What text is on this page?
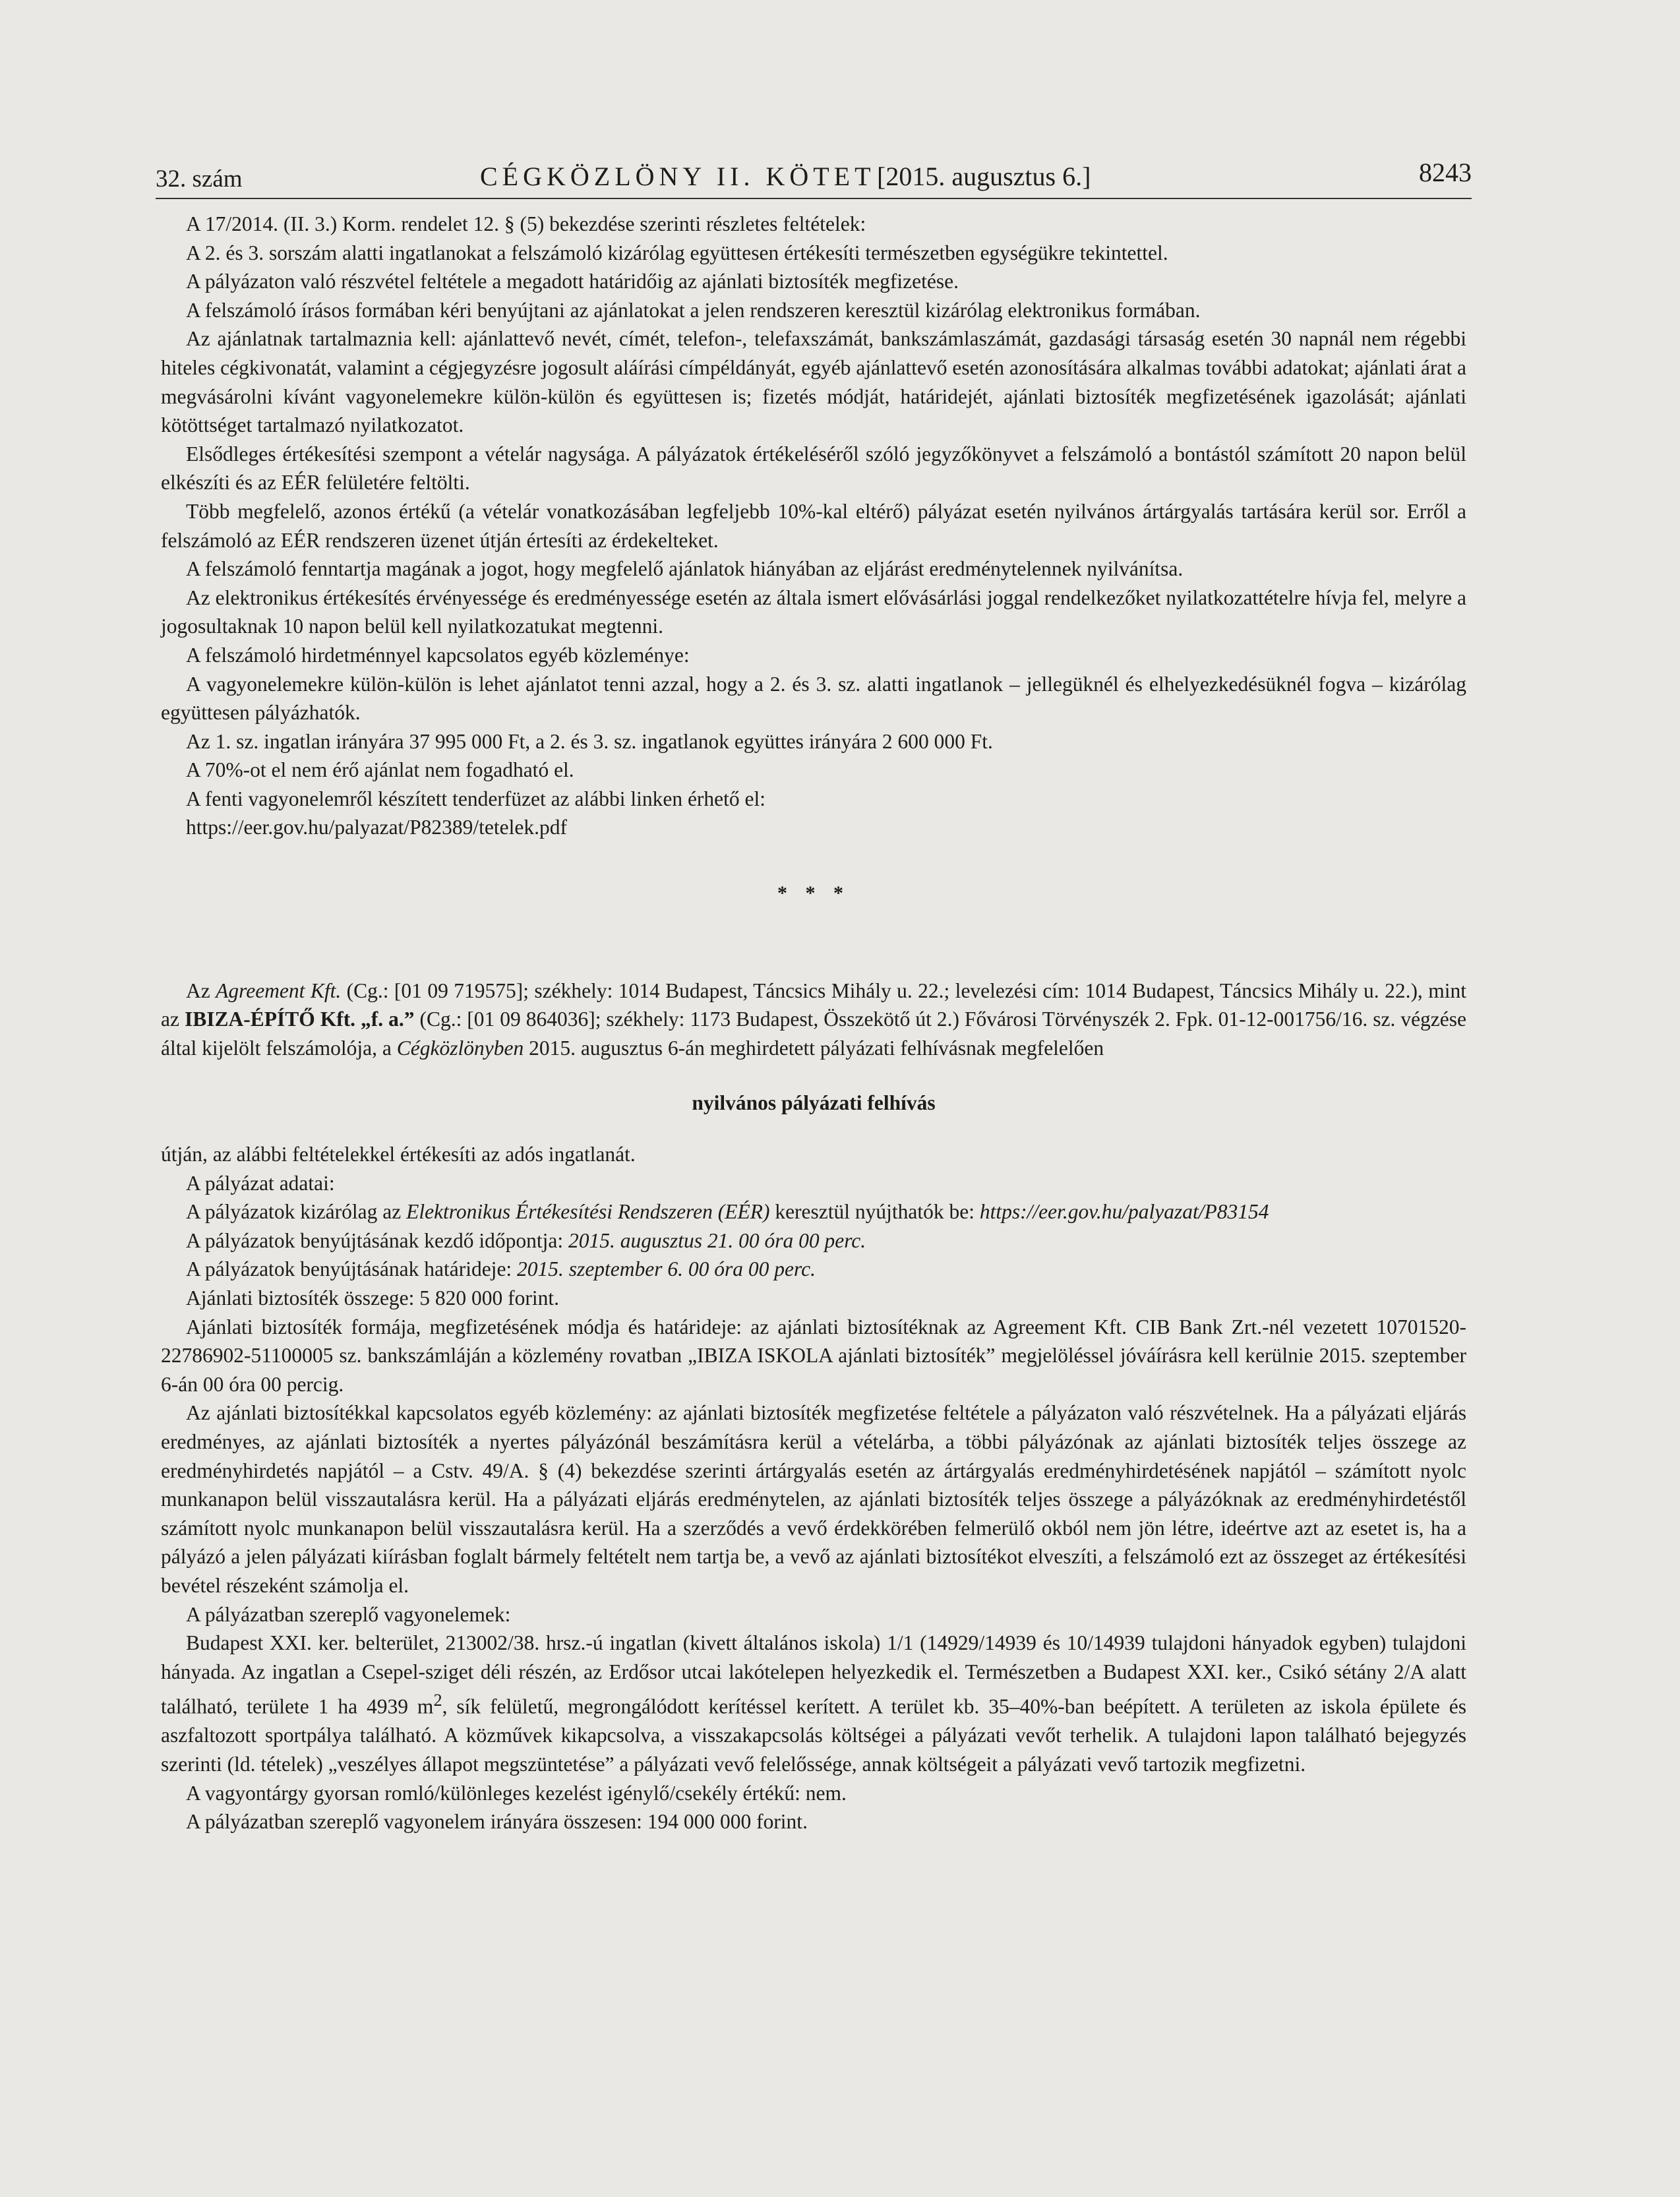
32. szám	CÉGKÖZLÖNY II. KÖTET [2015. augusztus 6.]	8243

A 17/2014. (II. 3.) Korm. rendelet 12. § (5) bekezdése szerinti részletes feltételek:

A 2. és 3. sorszám alatti ingatlanokat a felszámoló kizárólag együttesen értékesíti természetben egységükre tekintettel.

A pályázaton való részvétel feltétele a megadott határidőig az ajánlati biztosíték megfizetése.

A felszámoló írásos formában kéri benyújtani az ajánlatokat a jelen rendszeren keresztül kizárólag elektronikus formában.

Az ajánlatnak tartalmaznia kell: ajánlattevő nevét, címét, telefon-, telefaxszámát, bankszámlaszámát, gazdasági társaság esetén 30 napnál nem régebbi hiteles cégkivonatát, valamint a cégjegyzésre jogosult aláírási címpéldányát, egyéb ajánlattevő esetén azonosítására alkalmas további adatokat; ajánlati árat a megvásárolni kívánt vagyonelemekre külön-külön és együttesen is; fizetés módját, határidejét, ajánlati biztosíték megfizetésének igazolását; ajánlati kötöttséget tartalmazó nyilatkozatot.

Elsődleges értékesítési szempont a vételár nagysága. A pályázatok értékeléséről szóló jegyzőkönyvet a felszámoló a bontástól számított 20 napon belül elkészíti és az EÉR felületére feltölti.

Több megfelelő, azonos értékű (a vételár vonatkozásában legfeljebb 10%-kal eltérő) pályázat esetén nyilvános ártárgyalás tartására kerül sor. Erről a felszámoló az EÉR rendszeren üzenet útján értesíti az érdekelteket.

A felszámoló fenntartja magának a jogot, hogy megfelelő ajánlatok hiányában az eljárást eredménytelennek nyilvánítsa.

Az elektronikus értékesítés érvényessége és eredményessége esetén az általa ismert elővásárlási joggal rendelkezőket nyilatkozattételre hívja fel, melyre a jogosultaknak 10 napon belül kell nyilatkozatukat megtenni.

A felszámoló hirdetménnyel kapcsolatos egyéb közleménye:

A vagyonelemekre külön-külön is lehet ajánlatot tenni azzal, hogy a 2. és 3. sz. alatti ingatlanok – jellegüknél és elhelyezkedésüknél fogva – kizárólag együttesen pályázhatók.

Az 1. sz. ingatlan irányára 37 995 000 Ft, a 2. és 3. sz. ingatlanok együttes irányára 2 600 000 Ft.

A 70%-ot el nem érő ajánlat nem fogadható el.

A fenti vagyonelemről készített tenderfüzet az alábbi linken érhető el:

https://eer.gov.hu/palyazat/P82389/tetelek.pdf

* * *

Az Agreement Kft. (Cg.: [01 09 719575]; székhely: 1014 Budapest, Táncsics Mihály u. 22.; levelezési cím: 1014 Budapest, Táncsics Mihály u. 22.), mint az IBIZA-ÉPÍTŐ Kft. „f. a.” (Cg.: [01 09 864036]; székhely: 1173 Budapest, Összekötő út 2.) Fővárosi Törvényszék 2. Fpk. 01-12-001756/16. sz. végzése által kijelölt felszámolója, a Cégközlönyben 2015. augusztus 6-án meghirdetett pályázati felhívásnak megfelelően

nyilvános pályázati felhívás

útján, az alábbi feltételekkel értékesíti az adós ingatlanát.

A pályázat adatai:

A pályázatok kizárólag az Elektronikus Értékesítési Rendszeren (EÉR) keresztül nyújthatók be: https://eer.gov.hu/palyazat/P83154

A pályázatok benyújtásának kezdő időpontja: 2015. augusztus 21. 00 óra 00 perc.

A pályázatok benyújtásának határideje: 2015. szeptember 6. 00 óra 00 perc.

Ajánlati biztosíték összege: 5 820 000 forint.

Ajánlati biztosíték formája, megfizetésének módja és határideje: az ajánlati biztosítéknak az Agreement Kft. CIB Bank Zrt.-nél vezetett 10701520-22786902-51100005 sz. bankszámláján a közlemény rovatban „IBIZA ISKOLA ajánlati biztosíték” megjelöléssel jóváírásra kell kerülnie 2015. szeptember 6-án 00 óra 00 percig.

Az ajánlati biztosítékkal kapcsolatos egyéb közlemény: az ajánlati biztosíték megfizetése feltétele a pályázaton való részvételnek. Ha a pályázati eljárás eredményes, az ajánlati biztosíték a nyertes pályázónál beszámításra kerül a vételárba, a többi pályázónak az ajánlati biztosíték teljes összege az eredményhirdetés napjától – a Cstv. 49/A. § (4) bekezdése szerinti ártárgyalás esetén az ártárgyalás eredményhirdetésének napjától – számított nyolc munkanapon belül visszautalásra kerül. Ha a pályázati eljárás eredménytelen, az ajánlati biztosíték teljes összege a pályázóknak az eredményhirdetéstől számított nyolc munkanapon belül visszautalásra kerül. Ha a szerződés a vevő érdekkörében felmerülő okból nem jön létre, ideértve azt az esetet is, ha a pályázó a jelen pályázati kiírásban foglalt bármely feltételt nem tartja be, a vevő az ajánlati biztosítékot elveszíti, a felszámoló ezt az összeget az értékesítési bevétel részeként számolja el.

A pályázatban szereplő vagyonelemek:

Budapest XXI. ker. belterület, 213002/38. hrsz.-ú ingatlan (kivett általános iskola) 1/1 (14929/14939 és 10/14939 tulajdoni hányadok egyben) tulajdoni hányada. Az ingatlan a Csepel-sziget déli részén, az Erdősor utcai lakótelepen helyezkedik el. Természetben a Budapest XXI. ker., Csikó sétány 2/A alatt található, területe 1 ha 4939 $m^2$, sík felületű, megrongálódott kerítéssel kerített. A terület kb. 35–40%-ban beépített. A területen az iskola épülete és aszfaltozott sportpálya található. A közművek kikapcsolva, a visszakapcsolás költségei a pályázati vevőt terhelik. A tulajdoni lapon található bejegyzés szerinti (ld. tételek) „veszélyes állapot megszüntetése” a pályázati vevő felelőssége, annak költségeit a pályázati vevő tartozik megfizetni.

A vagyontárgy gyorsan romló/különleges kezelést igénylő/csekély értékű: nem.

A pályázatban szereplő vagyonelem irányára összesen: 194 000 000 forint.
